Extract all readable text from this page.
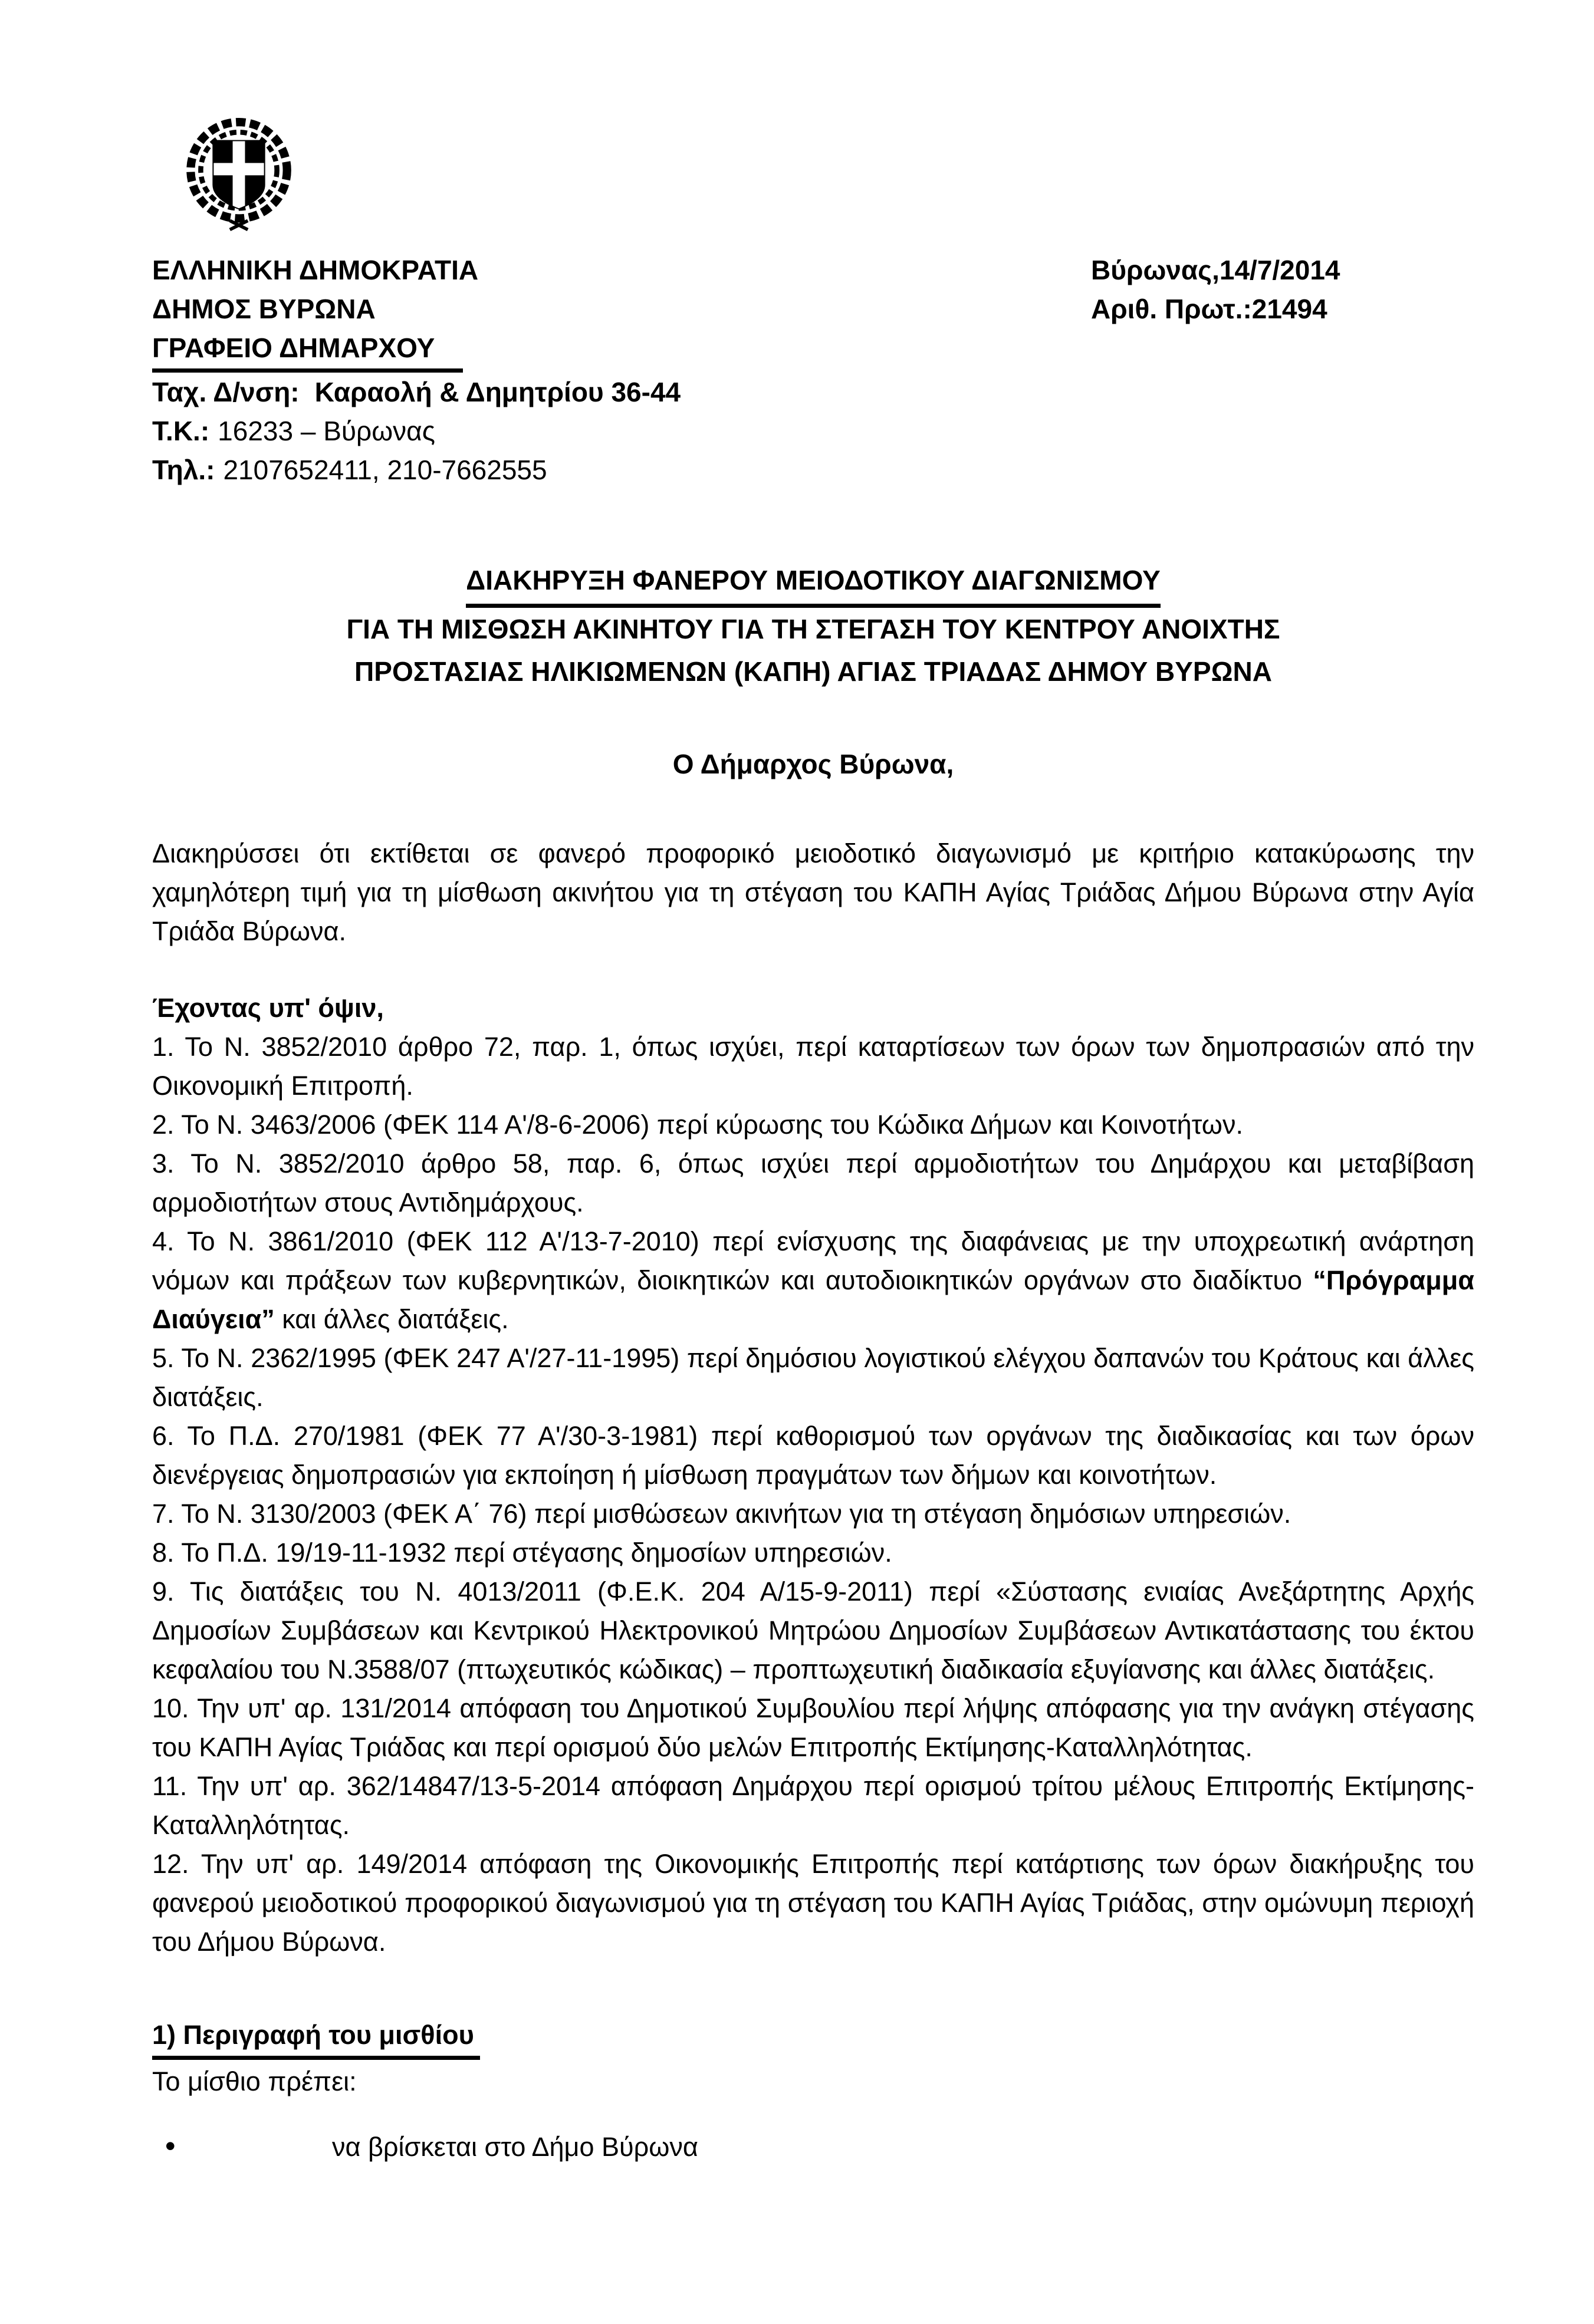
ΕΛΛΗΝΙΚΗ ΔΗΜΟΚΡΑΤΙΑ
ΔΗΜΟΣ ΒΥΡΩΝΑ
ΓΡΑΦΕΙΟ ΔΗΜΑΡΧΟΥ
Ταχ. Δ/νση: Καραολή & Δημητρίου 36-44
Τ.Κ.: 16233 – Βύρωνας
Τηλ.: 2107652411, 210-7662555
Βύρωνας,14/7/2014
Αριθ. Πρωτ.:21494
ΔΙΑΚΗΡΥΞΗ ΦΑΝΕΡΟΥ ΜΕΙΟΔΟΤΙΚΟΥ ΔΙΑΓΩΝΙΣΜΟΥ
ΓΙΑ ΤΗ ΜΙΣΘΩΣΗ ΑΚΙΝΗΤΟΥ ΓΙΑ ΤΗ ΣΤΕΓΑΣΗ ΤΟΥ ΚΕΝΤΡΟΥ ΑΝΟΙΧΤΗΣ
ΠΡΟΣΤΑΣΙΑΣ ΗΛΙΚΙΩΜΕΝΩΝ (ΚΑΠΗ) ΑΓΙΑΣ ΤΡΙΑΔΑΣ ΔΗΜΟΥ ΒΥΡΩΝΑ
Ο Δήμαρχος Βύρωνα,

Διακηρύσσει ότι εκτίθεται σε φανερό προφορικό μειοδοτικό διαγωνισμό με κριτήριο κατακύρωσης την χαμηλότερη τιμή για τη μίσθωση ακινήτου για τη στέγαση του ΚΑΠΗ Αγίας Τριάδας Δήμου Βύρωνα στην Αγία Τριάδα Βύρωνα.

Έχοντας υπ' όψιν,

1. Το Ν. 3852/2010 άρθρο 72, παρ. 1, όπως ισχύει, περί καταρτίσεων των όρων των δημοπρασιών από την Οικονομική Επιτροπή.

2. Το Ν. 3463/2006 (ΦΕΚ 114 Α'/8-6-2006) περί κύρωσης του Κώδικα Δήμων και Κοινοτήτων.

3. Το Ν. 3852/2010 άρθρο 58, παρ. 6, όπως ισχύει περί αρμοδιοτήτων του Δημάρχου και μεταβίβαση αρμοδιοτήτων στους Αντιδημάρχους.

4. Το Ν. 3861/2010 (ΦΕΚ 112 Α'/13-7-2010) περί ενίσχυσης της διαφάνειας με την υποχρεωτική ανάρτηση νόμων και πράξεων των κυβερνητικών, διοικητικών και αυτοδιοικητικών οργάνων στο διαδίκτυο “Πρόγραμμα Διαύγεια” και άλλες διατάξεις.

5. Το Ν. 2362/1995 (ΦΕΚ 247 Α'/27-11-1995) περί δημόσιου λογιστικού ελέγχου δαπανών του Κράτους και άλλες διατάξεις.

6. Το Π.Δ. 270/1981 (ΦΕΚ 77 Α'/30-3-1981) περί καθορισμού των οργάνων της διαδικασίας και των όρων διενέργειας δημοπρασιών για εκποίηση ή μίσθωση πραγμάτων των δήμων και κοινοτήτων.

7. Το Ν. 3130/2003 (ΦΕΚ Α΄ 76) περί μισθώσεων ακινήτων για τη στέγαση δημόσιων υπηρεσιών.

8. Το Π.Δ. 19/19-11-1932 περί στέγασης δημοσίων υπηρεσιών.

9. Τις διατάξεις του Ν. 4013/2011 (Φ.Ε.Κ. 204 Α/15-9-2011) περί «Σύστασης ενιαίας Ανεξάρτητης Αρχής Δημοσίων Συμβάσεων και Κεντρικού Ηλεκτρονικού Μητρώου Δημοσίων Συμβάσεων Αντικατάστασης του έκτου κεφαλαίου του Ν.3588/07 (πτωχευτικός κώδικας) – προπτωχευτική διαδικασία εξυγίανσης και άλλες διατάξεις.

10. Την υπ' αρ. 131/2014 απόφαση του Δημοτικού Συμβουλίου περί λήψης απόφασης για την ανάγκη στέγασης του ΚΑΠΗ Αγίας Τριάδας και περί ορισμού δύο μελών Επιτροπής Εκτίμησης-Καταλληλότητας.

11. Την υπ' αρ. 362/14847/13-5-2014 απόφαση Δημάρχου περί ορισμού τρίτου μέλους Επιτροπής Εκτίμησης-Καταλληλότητας.

12. Την υπ' αρ. 149/2014 απόφαση της Οικονομικής Επιτροπής περί κατάρτισης των όρων διακήρυξης του φανερού μειοδοτικού προφορικού διαγωνισμού για τη στέγαση του ΚΑΠΗ Αγίας Τριάδας, στην ομώνυμη περιοχή του Δήμου Βύρωνα.

1) Περιγραφή του μισθίου

Το μίσθιο πρέπει:

•	να βρίσκεται στο Δήμο Βύρωνα
